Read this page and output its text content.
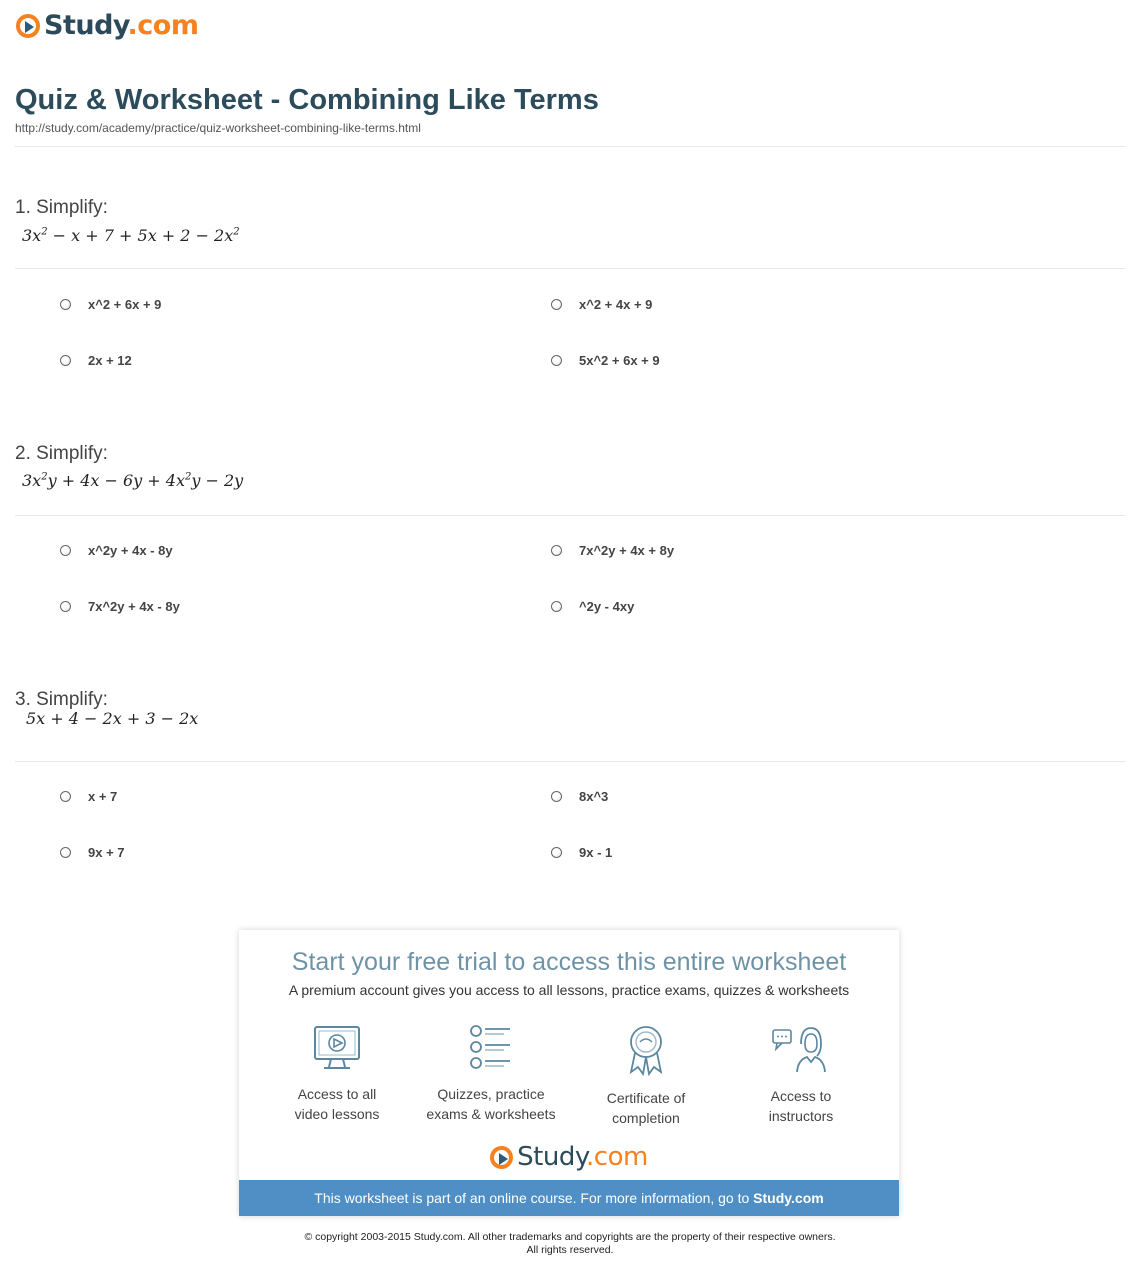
Study.com
Quiz & Worksheet - Combining Like Terms
http://study.com/academy/practice/quiz-worksheet-combining-like-terms.html
1. Simplify:
$3x^2 - x + 7 + 5x + 2 - 2x^2$
x^2 + 6x + 9	x^2 + 4x + 9
2x + 12	5x^2 + 6x + 9
2. Simplify:
$3x^2y + 4x - 6y + 4x^2y - 2y$
x^2y + 4x - 8y	7x^2y + 4x + 8y
7x^2y + 4x - 8y	^2y - 4xy
3. Simplify:
5x + 4 − 2x + 3 − 2x
x + 7	8x^3
9x + 7	9x - 1
Start your free trial to access this entire worksheet
A premium account gives you access to all lessons, practice exams, quizzes & worksheets
Access to all
video lessons
Quizzes, practice
exams & worksheets
Certificate of
completion
Access to
instructors
Study.com
This worksheet is part of an online course. For more information, go to Study.com
© copyright 2003-2015 Study.com. All other trademarks and copyrights are the property of their respective owners.
All rights reserved.
